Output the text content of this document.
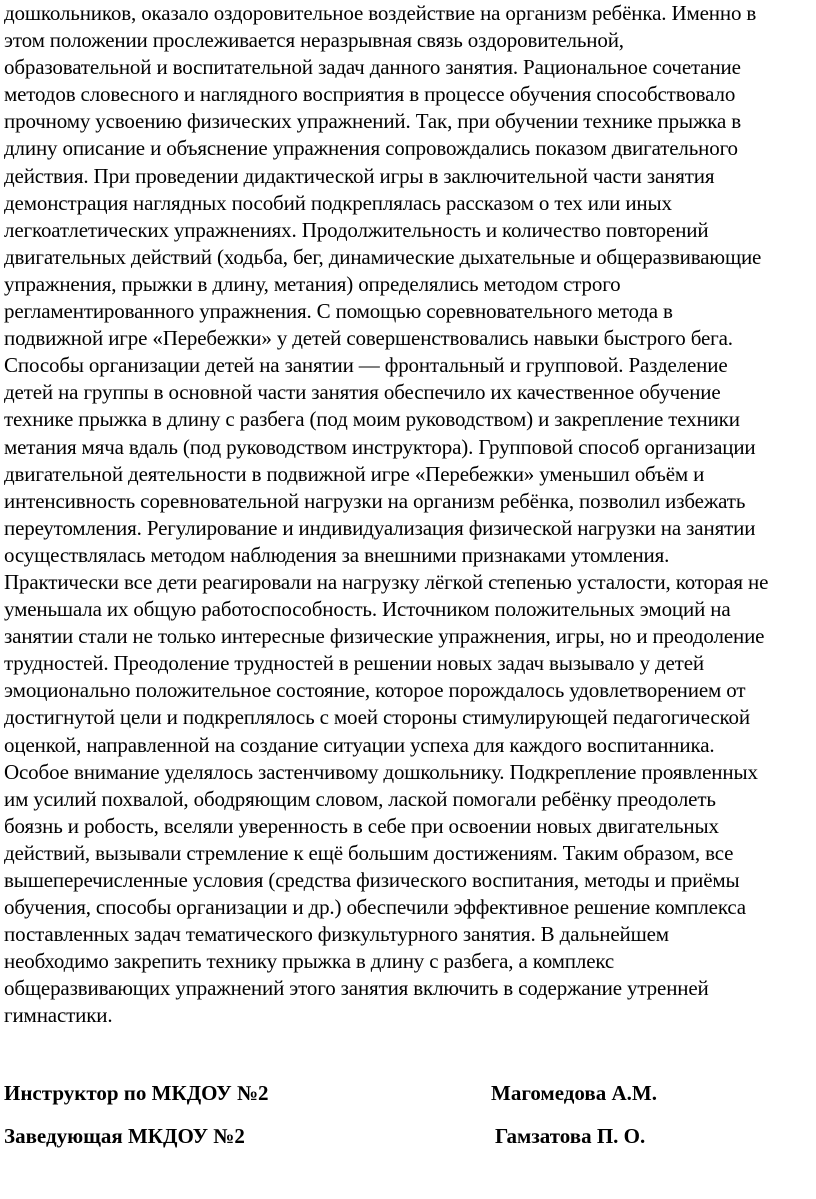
дошкольников, оказало оздоровительное воздействие на организм ребёнка. Именно в
этом положении прослеживается неразрывная связь оздоровительной,
образовательной и воспитательной задач данного занятия. Рациональное сочетание
методов словесного и наглядного восприятия в процессе обучения способствовало
прочному усвоению физических упражнений. Так, при обучении технике прыжка в
длину описание и объяснение упражнения сопровождались показом двигательного
действия. При проведении дидактической игры в заключительной части занятия
демонстрация наглядных пособий подкреплялась рассказом о тех или иных
легкоатлетических упражнениях. Продолжительность и количество повторений
двигательных действий (ходьба, бег, динамические дыхательные и общеразвивающие
упражнения, прыжки в длину, метания) определялись методом строго
регламентированного упражнения. С помощью соревновательного метода в
подвижной игре «Перебежки» у детей совершенствовались навыки быстрого бега.
Способы организации детей на занятии — фронтальный и групповой. Разделение
детей на группы в основной части занятия обеспечило их качественное обучение
технике прыжка в длину с разбега (под моим руководством) и закрепление техники
метания мяча вдаль (под руководством инструктора). Групповой способ организации
двигательной деятельности в подвижной игре «Перебежки» уменьшил объём и
интенсивность соревновательной нагрузки на организм ребёнка, позволил избежать
переутомления. Регулирование и индивидуализация физической нагрузки на занятии
осуществлялась методом наблюдения за внешними признаками утомления.
Практически все дети реагировали на нагрузку лёгкой степенью усталости, которая не
уменьшала их общую работоспособность. Источником положительных эмоций на
занятии стали не только интересные физические упражнения, игры, но и преодоление
трудностей. Преодоление трудностей в решении новых задач вызывало у детей
эмоционально положительное состояние, которое порождалось удовлетворением от
достигнутой цели и подкреплялось с моей стороны стимулирующей педагогической
оценкой, направленной на создание ситуации успеха для каждого воспитанника.
Особое внимание уделялось застенчивому дошкольнику. Подкрепление проявленных
им усилий похвалой, ободряющим словом, лаской помогали ребёнку преодолеть
боязнь и робость, вселяли уверенность в себе при освоении новых двигательных
действий, вызывали стремление к ещё большим достижениям. Таким образом, все
вышеперечисленные условия (средства физического воспитания, методы и приёмы
обучения, способы организации и др.) обеспечили эффективное решение комплекса
поставленных задач тематического физкультурного занятия. В дальнейшем
необходимо закрепить технику прыжка в длину с разбега, а комплекс
общеразвивающих упражнений этого занятия включить в содержание утренней
гимнастики.
Инструктор по МКДОУ №2	Магомедова А.М.
Заведующая МКДОУ №2	Гамзатова П. О.
